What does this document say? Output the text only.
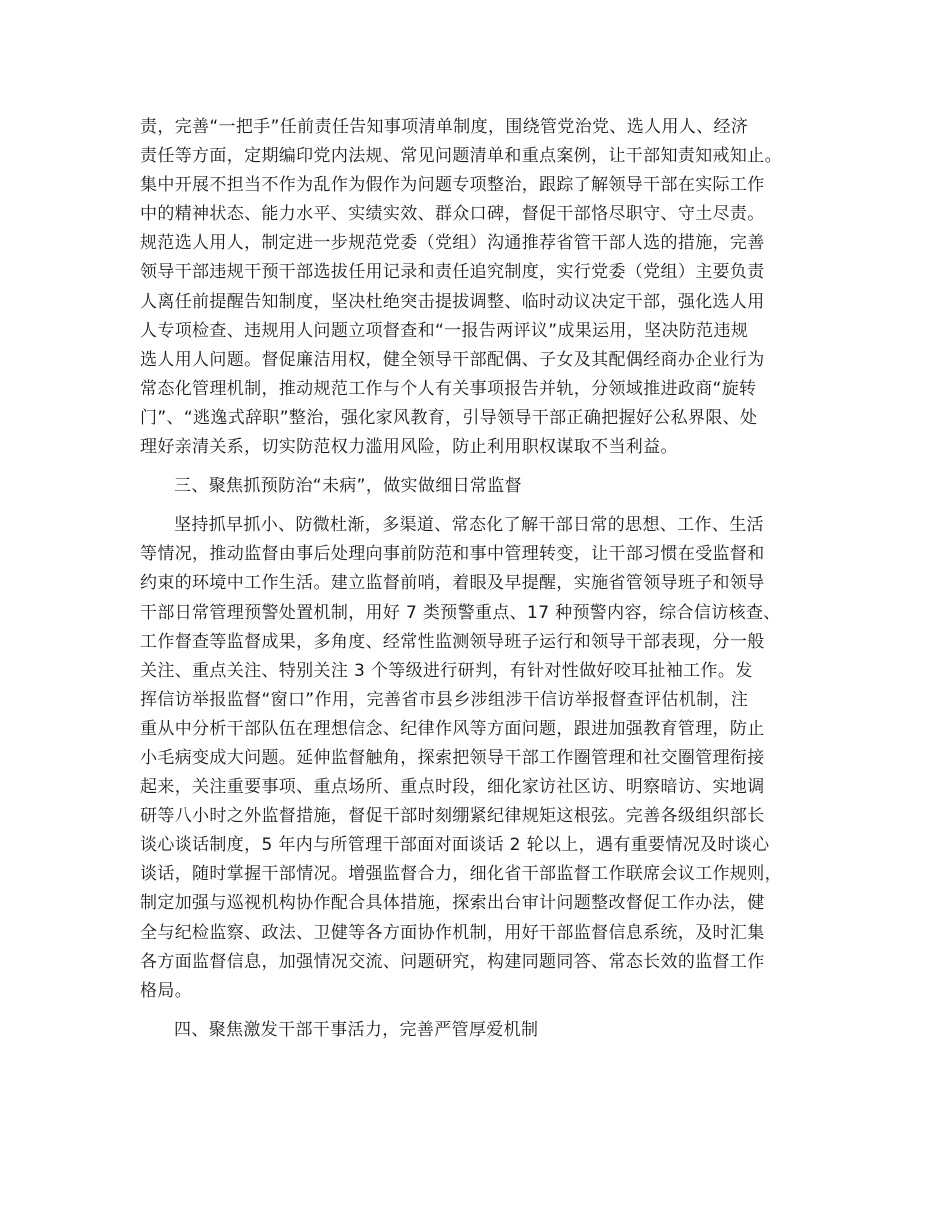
责，完善“一把手”任前责任告知事项清单制度，围绕管党治党、选人用人、经济
责任等方面，定期编印党内法规、常见问题清单和重点案例，让干部知责知戒知止。
集中开展不担当不作为乱作为假作为问题专项整治，跟踪了解领导干部在实际工作
中的精神状态、能力水平、实绩实效、群众口碑，督促干部恪尽职守、守土尽责。
规范选人用人，制定进一步规范党委（党组）沟通推荐省管干部人选的措施，完善
领导干部违规干预干部选拔任用记录和责任追究制度，实行党委（党组）主要负责
人离任前提醒告知制度，坚决杜绝突击提拔调整、临时动议决定干部，强化选人用
人专项检查、违规用人问题立项督查和“一报告两评议”成果运用，坚决防范违规
选人用人问题。督促廉洁用权，健全领导干部配偶、子女及其配偶经商办企业行为
常态化管理机制，推动规范工作与个人有关事项报告并轨，分领域推进政商“旋转
门”、“逃逸式辞职”整治，强化家风教育，引导领导干部正确把握好公私界限、处
理好亲清关系，切实防范权力滥用风险，防止利用职权谋取不当利益。
三、聚焦抓预防治“未病”，做实做细日常监督
坚持抓早抓小、防微杜渐，多渠道、常态化了解干部日常的思想、工作、生活
等情况，推动监督由事后处理向事前防范和事中管理转变，让干部习惯在受监督和
约束的环境中工作生活。建立监督前哨，着眼及早提醒，实施省管领导班子和领导
干部日常管理预警处置机制，用好 7 类预警重点、17 种预警内容，综合信访核查、
工作督查等监督成果，多角度、经常性监测领导班子运行和领导干部表现，分一般
关注、重点关注、特别关注 3 个等级进行研判，有针对性做好咬耳扯袖工作。发
挥信访举报监督“窗口”作用，完善省市县乡涉组涉干信访举报督查评估机制，注
重从中分析干部队伍在理想信念、纪律作风等方面问题，跟进加强教育管理，防止
小毛病变成大问题。延伸监督触角，探索把领导干部工作圈管理和社交圈管理衔接
起来，关注重要事项、重点场所、重点时段，细化家访社区访、明察暗访、实地调
研等八小时之外监督措施，督促干部时刻绷紧纪律规矩这根弦。完善各级组织部长
谈心谈话制度，5 年内与所管理干部面对面谈话 2 轮以上，遇有重要情况及时谈心
谈话，随时掌握干部情况。增强监督合力，细化省干部监督工作联席会议工作规则，
制定加强与巡视机构协作配合具体措施，探索出台审计问题整改督促工作办法，健
全与纪检监察、政法、卫健等各方面协作机制，用好干部监督信息系统，及时汇集
各方面监督信息，加强情况交流、问题研究，构建同题同答、常态长效的监督工作
格局。
四、聚焦激发干部干事活力，完善严管厚爱机制
